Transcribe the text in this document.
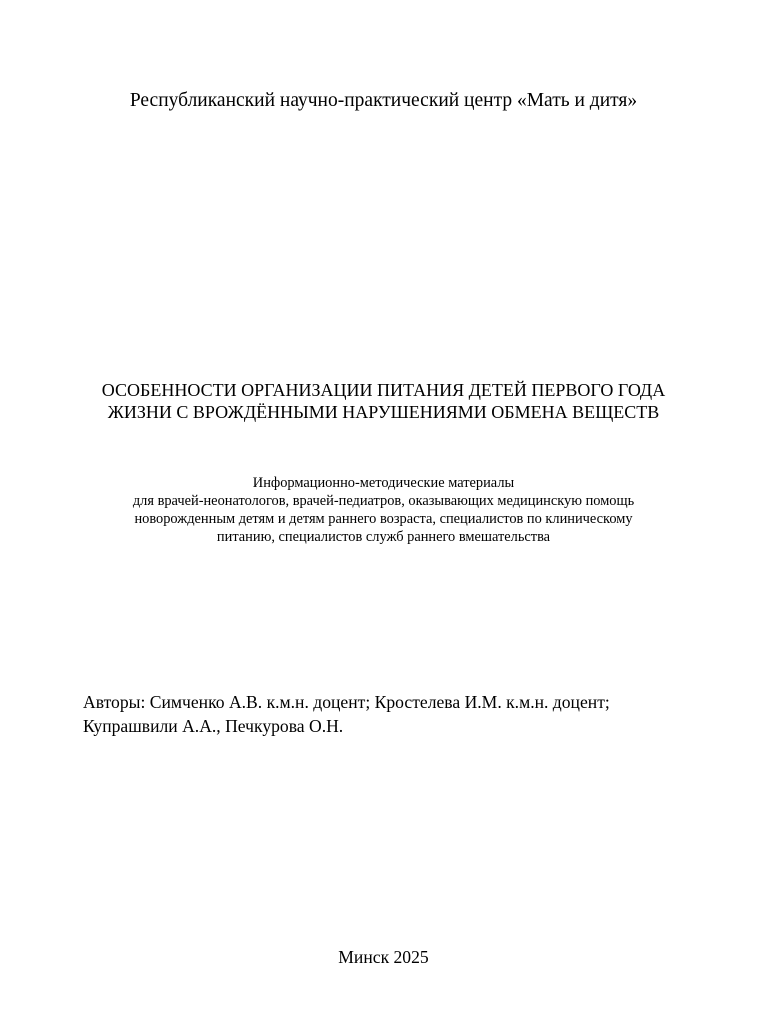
Республиканский научно-практический центр «Мать и дитя»
ОСОБЕННОСТИ ОРГАНИЗАЦИИ ПИТАНИЯ ДЕТЕЙ ПЕРВОГО ГОДА
ЖИЗНИ С ВРОЖДЁННЫМИ НАРУШЕНИЯМИ ОБМЕНА ВЕЩЕСТВ
Информационно-методические материалы
для врачей-неонатологов, врачей-педиатров, оказывающих медицинскую помощь
новорожденным детям и детям раннего возраста, специалистов по клиническому
питанию, специалистов служб раннего вмешательства
Авторы: Симченко А.В. к.м.н. доцент; Кростелева И.М. к.м.н. доцент;
Купрашвили А.А., Печкурова О.Н.
Минск 2025
